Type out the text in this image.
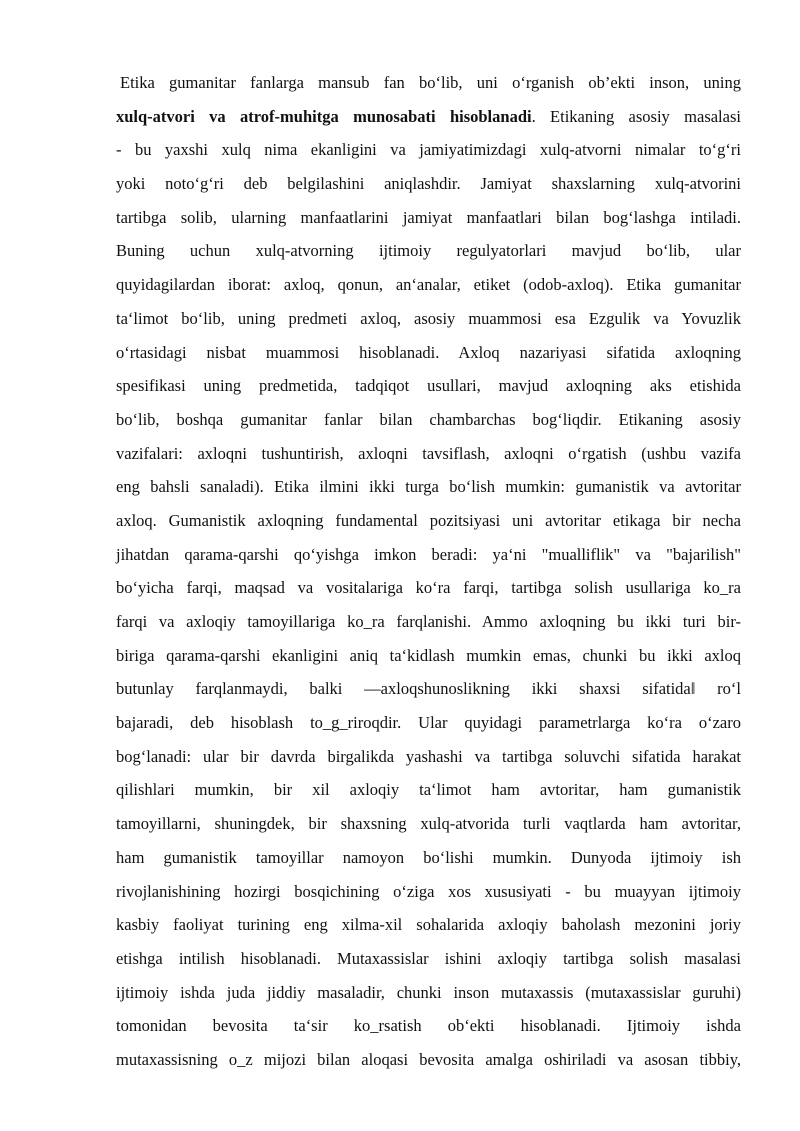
Etika gumanitar fanlarga mansub fan bo‘lib, uni o‘rganish ob’ekti inson, uning
xulq-atvori va atrof-muhitga munosabati hisoblanadi. Etikaning asosiy masalasi
- bu yaxshi xulq nima ekanligini va jamiyatimizdagi xulq-atvorni nimalar to‘g‘ri
yoki noto‘g‘ri deb belgilashini aniqlashdir. Jamiyat shaxslarning xulq-atvorini
tartibga solib, ularning manfaatlarini jamiyat manfaatlari bilan bog‘lashga intiladi.
Buning uchun xulq-atvorning ijtimoiy regulyatorlari mavjud bo‘lib, ular
quyidagilardan iborat: axloq, qonun, an‘analar, etiket (odob-axloq). Etika gumanitar
ta‘limot bo‘lib, uning predmeti axloq, asosiy muammosi esa Ezgulik va Yovuzlik
o‘rtasidagi nisbat muammosi hisoblanadi. Axloq nazariyasi sifatida axloqning
spesifikasi uning predmetida, tadqiqot usullari, mavjud axloqning aks etishida
bo‘lib, boshqa gumanitar fanlar bilan chambarchas bog‘liqdir. Etikaning asosiy
vazifalari: axloqni tushuntirish, axloqni tavsiflash, axloqni o‘rgatish (ushbu vazifa
eng bahsli sanaladi). Etika ilmini ikki turga bo‘lish mumkin: gumanistik va avtoritar
axloq. Gumanistik axloqning fundamental pozitsiyasi uni avtoritar etikaga bir necha
jihatdan qarama-qarshi qo‘yishga imkon beradi: ya‘ni "mualliflik" va "bajarilish"
bo‘yicha farqi, maqsad va vositalariga ko‘ra farqi, tartibga solish usullariga ko_ra
farqi va axloqiy tamoyillariga ko_ra farqlanishi. Ammo axloqning bu ikki turi bir-
biriga qarama-qarshi ekanligini aniq ta‘kidlash mumkin emas, chunki bu ikki axloq
butunlay farqlanmaydi, balki ―axloqshunoslikning ikki shaxsi sifatida‖ ro‘l
bajaradi, deb hisoblash to_g_riroqdir. Ular quyidagi parametrlarga ko‘ra o‘zaro
bog‘lanadi: ular bir davrda birgalikda yashashi va tartibga soluvchi sifatida harakat
qilishlari mumkin, bir xil axloqiy ta‘limot ham avtoritar, ham gumanistik
tamoyillarni, shuningdek, bir shaxsning xulq-atvorida turli vaqtlarda ham avtoritar,
ham gumanistik tamoyillar namoyon bo‘lishi mumkin. Dunyoda ijtimoiy ish
rivojlanishining hozirgi bosqichining o‘ziga xos xususiyati - bu muayyan ijtimoiy
kasbiy faoliyat turining eng xilma-xil sohalarida axloqiy baholash mezonini joriy
etishga intilish hisoblanadi. Mutaxassislar ishini axloqiy tartibga solish masalasi
ijtimoiy ishda juda jiddiy masaladir, chunki inson mutaxassis (mutaxassislar guruhi)
tomonidan bevosita ta‘sir ko_rsatish ob‘ekti hisoblanadi. Ijtimoiy ishda
mutaxassisning o_z mijozi bilan aloqasi bevosita amalga oshiriladi va asosan tibbiy,
